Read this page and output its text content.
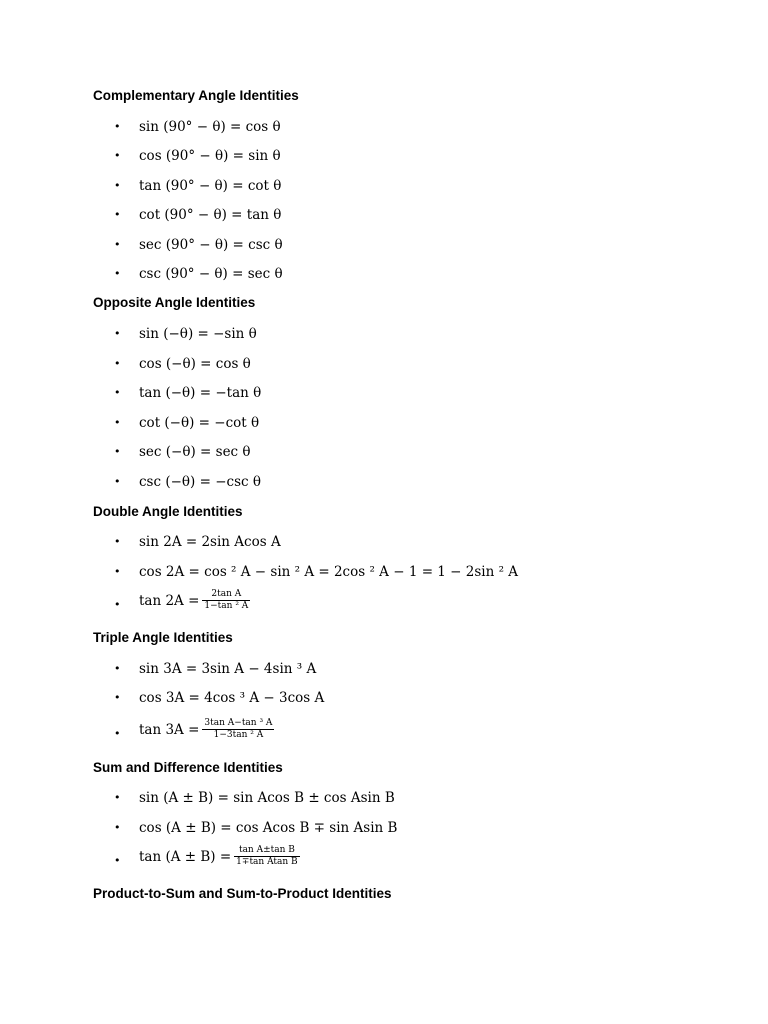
Complementary Angle Identities
• sin (90° − θ) = cos θ
• cos (90° − θ) = sin θ
• tan (90° − θ) = cot θ
• cot (90° − θ) = tan θ
• sec (90° − θ) = csc θ
• csc (90° − θ) = sec θ
Opposite Angle Identities
• sin (−θ) = −sin θ
• cos (−θ) = cos θ
• tan (−θ) = −tan θ
• cot (−θ) = −cot θ
• sec (−θ) = sec θ
• csc (−θ) = −csc θ
Double Angle Identities
• sin 2A = 2sin Acos A
• cos 2A = cos ² A − sin ² A = 2cos ² A − 1 = 1 − 2sin ² A
• $\tan 2A = \frac{\text{2tan A}}{\text{1−tan ² A}}$
Triple Angle Identities
• sin 3A = 3sin A − 4sin ³ A
• cos 3A = 4cos ³ A − 3cos A
• $\tan 3A = \frac{\text{3tan A−tan ³ A}}{\text{1−3tan ² A}}$
Sum and Difference Identities
• sin (A ± B) = sin Acos B ± cos Asin B
• cos (A ± B) = cos Acos B ∓ sin Asin B
• $\tan (A \pm B) = \frac{\text{tan A±tan B}}{\text{1∓tan Atan B}}$
Product-to-Sum and Sum-to-Product Identities
